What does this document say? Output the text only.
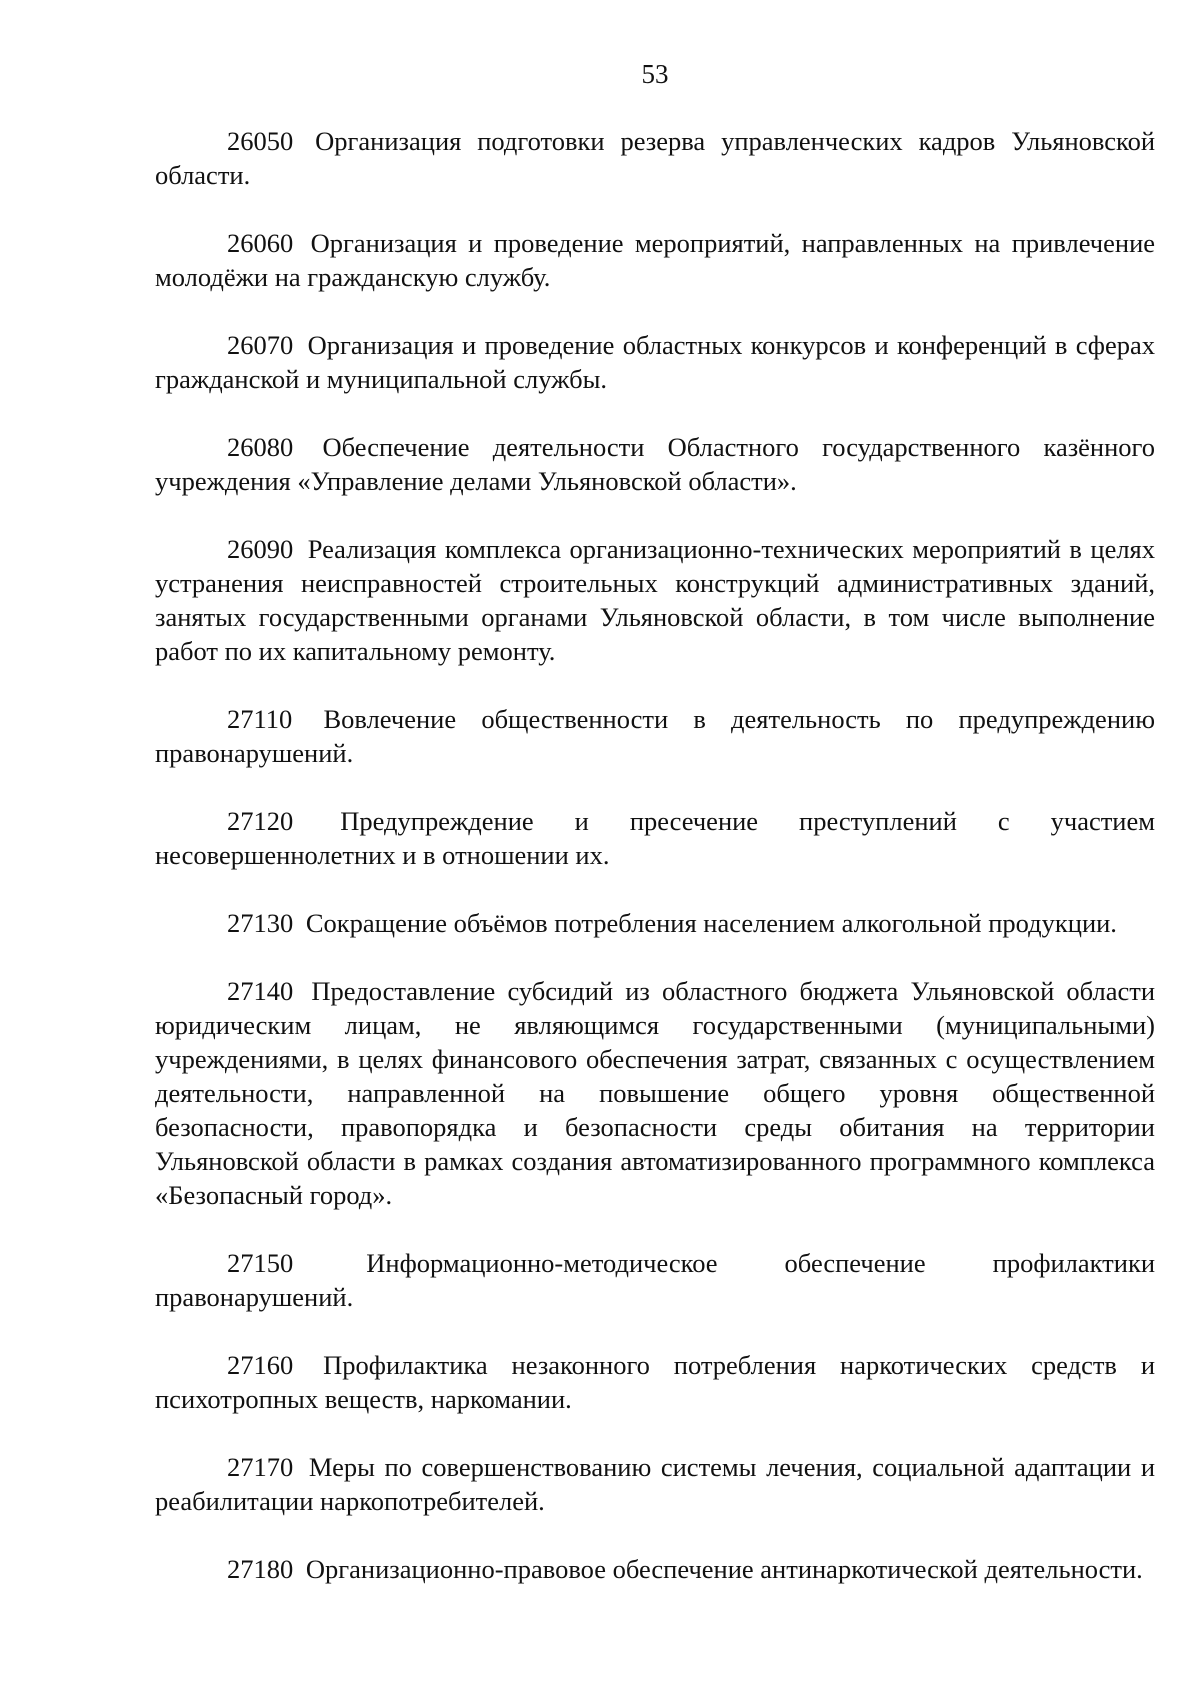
53

26050 Организация подготовки резерва управленческих кадров Ульяновской области.

26060 Организация и проведение мероприятий, направленных на привлечение молодёжи на гражданскую службу.

26070 Организация и проведение областных конкурсов и конференций в сферах гражданской и муниципальной службы.

26080 Обеспечение деятельности Областного государственного казённого учреждения «Управление делами Ульяновской области».

26090 Реализация комплекса организационно-технических мероприятий в целях устранения неисправностей строительных конструкций административных зданий, занятых государственными органами Ульяновской области, в том числе выполнение работ по их капитальному ремонту.

27110 Вовлечение общественности в деятельность по предупреждению правонарушений.

27120 Предупреждение и пресечение преступлений с участием несовершеннолетних и в отношении их.

27130 Сокращение объёмов потребления населением алкогольной продукции.

27140 Предоставление субсидий из областного бюджета Ульяновской области юридическим лицам, не являющимся государственными (муниципальными) учреждениями, в целях финансового обеспечения затрат, связанных с осуществлением деятельности, направленной на повышение общего уровня общественной безопасности, правопорядка и безопасности среды обитания на территории Ульяновской области в рамках создания автоматизированного программного комплекса «Безопасный город».

27150	Информационно-методическое обеспечение профилактики правонарушений.

27160 Профилактика незаконного потребления наркотических средств и психотропных веществ, наркомании.

27170 Меры по совершенствованию системы лечения, социальной адаптации и реабилитации наркопотребителей.

27180 Организационно-правовое обеспечение антинаркотической деятельности.
